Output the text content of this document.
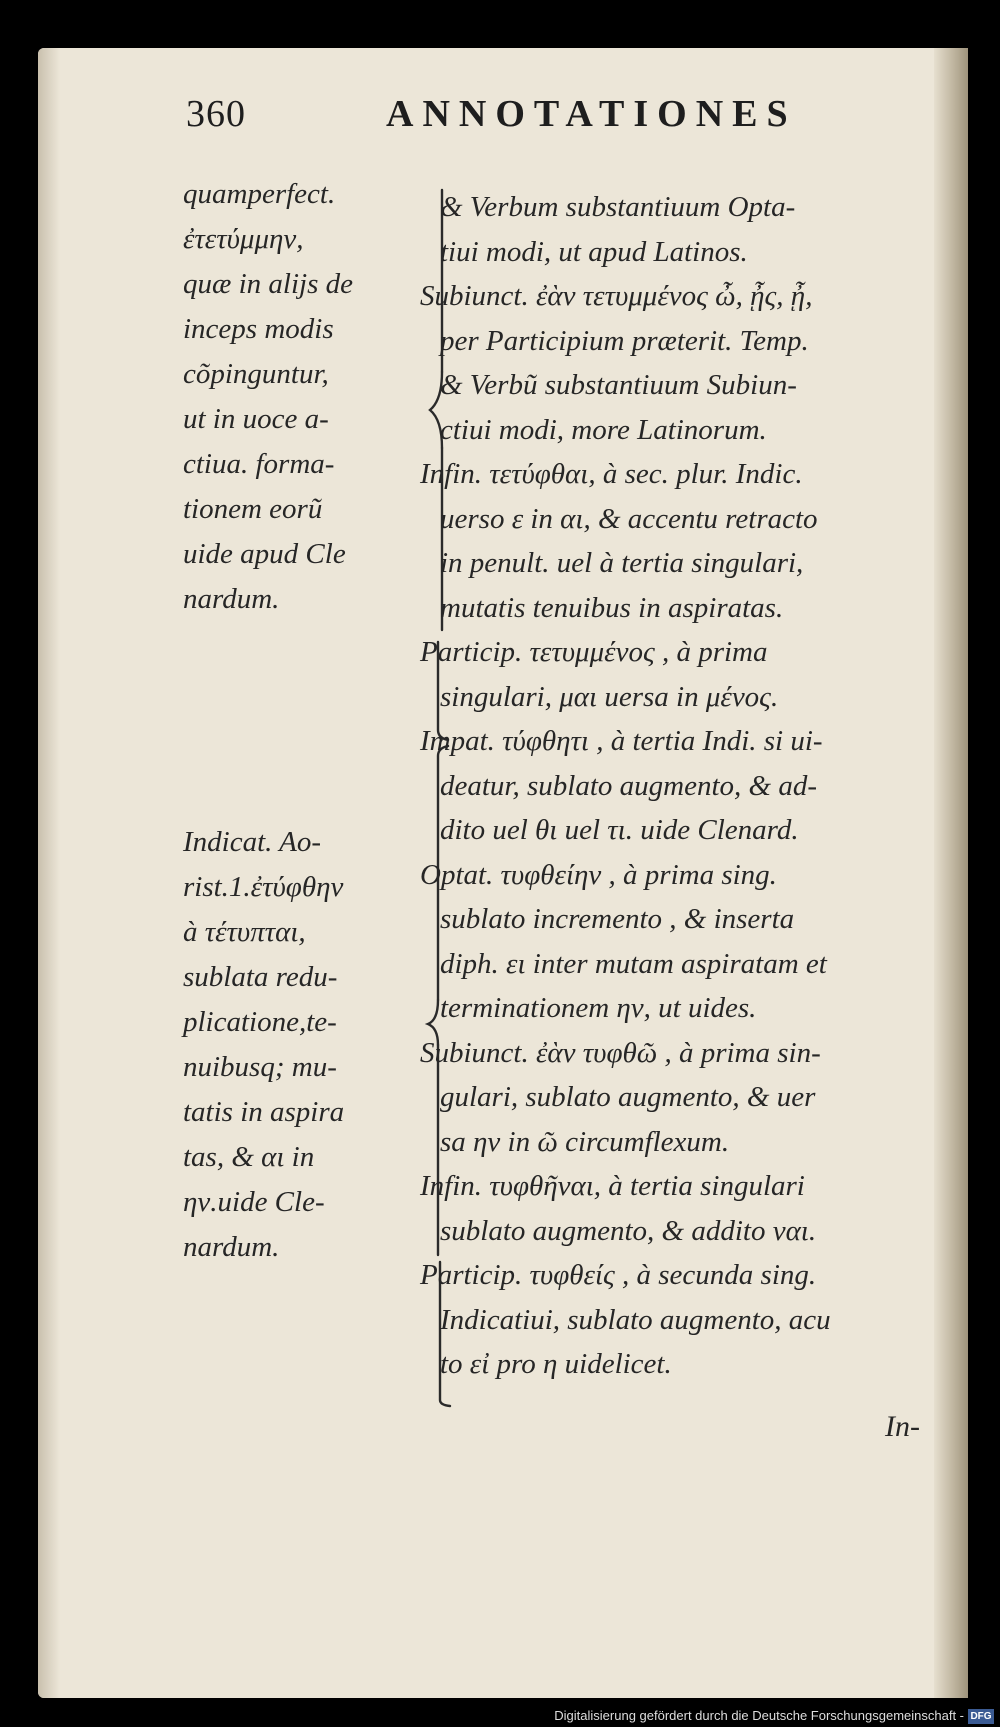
360	ANNOTATIONES
quamperfect.
ἐτετύμμην,
quæ in alijs de
inceps modis
cõpinguntur,
ut in uoce a-
ctiua. forma-
tionem eorũ
uide apud Cle
nardum.
Indicat. Ao-
rist.1.ἐτύφθην
à τέτυπται,
sublata redu-
plicatione,te-
nuibusq; mu-
tatis in aspira
tas, & αι in
ην.uide Cle-
nardum.
& Verbum substantiuum Opta-
tiui modi, ut apud Latinos.
Subiunct. ἐὰν τετυμμένος ὦ, ᾖς, ᾖ,
per Participium præterit. Temp.
& Verbũ substantiuum Subiun-
ctiui modi, more Latinorum.
Infin. τετύφθαι, à sec. plur. Indic.
uerso ε in αι, & accentu retracto
in penult. uel à tertia singulari,
mutatis tenuibus in aspiratas.
Particip. τετυμμένος , à prima
singulari, μαι uersa in μένος.
Impat. τύφθητι , à tertia Indi. si ui-
deatur, sublato augmento, & ad-
dito uel θι uel τι. uide Clenard.
Optat. τυφθείην , à prima sing.
sublato incremento , & inserta
diph. ει inter mutam aspiratam et
terminationem ην, ut uides.
Subiunct. ἐὰν τυφθῶ , à prima sin-
gulari, sublato augmento, & uer
sa ην in ῶ circumflexum.
Infin. τυφθῆναι, à tertia singulari
sublato augmento, & addito ναι.
Particip. τυφθείς , à secunda sing.
Indicatiui, sublato augmento, acu
to εἰ pro η uidelicet.
In-
Digitalisierung gefördert durch die Deutsche Forschungsgemeinschaft - DFG
